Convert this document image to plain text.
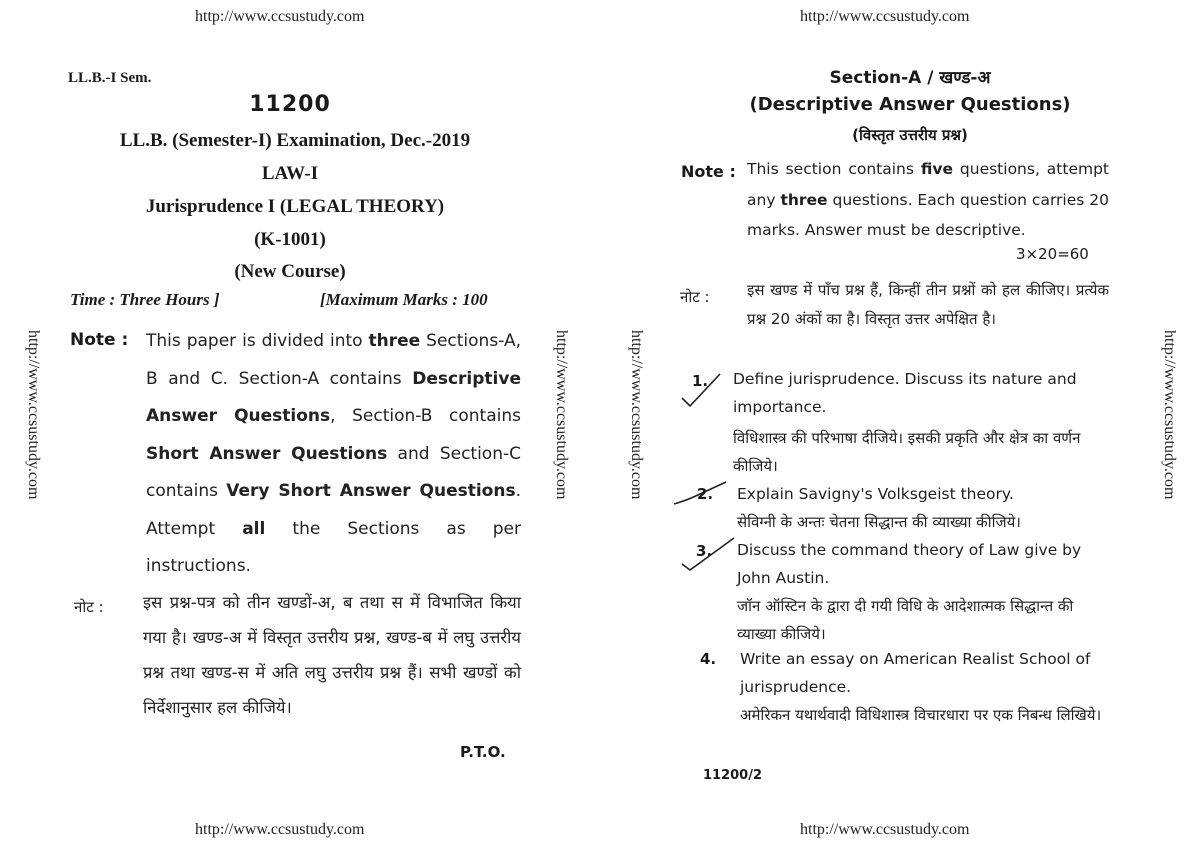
http://www.ccsustudy.com	http://www.ccsustudy.com
http://www.ccsustudy.com	http://www.ccsustudy.com
http://www.ccsustudy.com	http://www.ccsustudy.com	http://www.ccsustudy.com	http://www.ccsustudy.com
LL.B.-I Sem.
11200
LL.B. (Semester-I) Examination, Dec.-2019
LAW-I
Jurisprudence I (LEGAL THEORY)
(K-1001)
(New Course)
Time : Three Hours ]	[Maximum Marks : 100
Note : This paper is divided into three Sections-A, B and C. Section-A contains Descriptive Answer Questions, Section-B contains Short Answer Questions and Section-C contains Very Short Answer Questions. Attempt all the Sections as per instructions.
नोट : इस प्रश्न-पत्र को तीन खण्डों-अ, ब तथा स में विभाजित किया गया है। खण्ड-अ में विस्तृत उत्तरीय प्रश्न, खण्ड-ब में लघु उत्तरीय प्रश्न तथा खण्ड-स में अति लघु उत्तरीय प्रश्न हैं। सभी खण्डों को निर्देशानुसार हल कीजिये।
P.T.O.
Section-A / खण्ड-अ
(Descriptive Answer Questions)
(विस्तृत उत्तरीय प्रश्न)
Note : This section contains five questions, attempt any three questions. Each question carries 20 marks. Answer must be descriptive.
3×20=60
नोट : इस खण्ड में पाँच प्रश्न हैं, किन्हीं तीन प्रश्नों को हल कीजिए। प्रत्येक प्रश्न 20 अंकों का है। विस्तृत उत्तर अपेक्षित है।
1. Define jurisprudence. Discuss its nature and importance.
विधिशास्त्र की परिभाषा दीजिये। इसकी प्रकृति और क्षेत्र का वर्णन कीजिये।
2. Explain Savigny's Volksgeist theory.
सेविग्नी के अन्तः चेतना सिद्धान्त की व्याख्या कीजिये।
3. Discuss the command theory of Law give by John Austin.
जॉन ऑस्टिन के द्वारा दी गयी विधि के आदेशात्मक सिद्धान्त की व्याख्या कीजिये।
4. Write an essay on American Realist School of jurisprudence.
अमेरिकन यथार्थवादी विधिशास्त्र विचारधारा पर एक निबन्ध लिखिये।
11200/2
